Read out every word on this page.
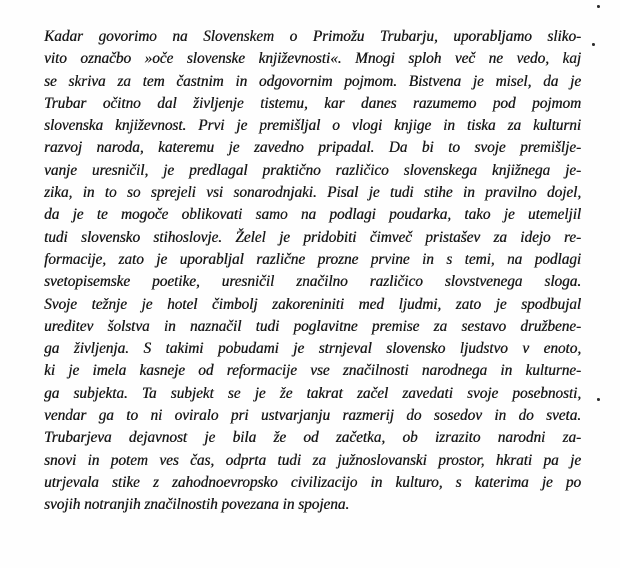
Kadar govorimo na Slovenskem o Primožu Trubarju, uporabljamo sliko-
vito označbo »oče slovenske književnosti«. Mnogi sploh več ne vedo, kaj
se skriva za tem častnim in odgovornim pojmom. Bistvena je misel, da je
Trubar očitno dal življenje tistemu, kar danes razumemo pod pojmom
slovenska književnost. Prvi je premišljal o vlogi knjige in tiska za kulturni
razvoj naroda, kateremu je zavedno pripadal. Da bi to svoje premišlje-
vanje uresničil, je predlagal praktično različico slovenskega knjižnega je-
zika, in to so sprejeli vsi sonarodnjaki. Pisal je tudi stihe in pravilno dojel,
da je te mogoče oblikovati samo na podlagi poudarka, tako je utemeljil
tudi slovensko stihoslovje. Želel je pridobiti čimveč pristašev za idejo re-
formacije, zato je uporabljal različne prozne prvine in s temi, na podlagi
svetopisemske poetike, uresničil značilno različico slovstvenega sloga.
Svoje težnje je hotel čimbolj zakoreniniti med ljudmi, zato je spodbujal
ureditev šolstva in naznačil tudi poglavitne premise za sestavo družbene-
ga življenja. S takimi pobudami je strnjeval slovensko ljudstvo v enoto,
ki je imela kasneje od reformacije vse značilnosti narodnega in kulturne-
ga subjekta. Ta subjekt se je že takrat začel zavedati svoje posebnosti,
vendar ga to ni oviralo pri ustvarjanju razmerij do sosedov in do sveta.
Trubarjeva dejavnost je bila že od začetka, ob izrazito narodni za-
snovi in potem ves čas, odprta tudi za južnoslovanski prostor, hkrati pa je
utrjevala stike z zahodnoevropsko civilizacijo in kulturo, s katerima je po
svojih notranjih značilnostih povezana in spojena.
